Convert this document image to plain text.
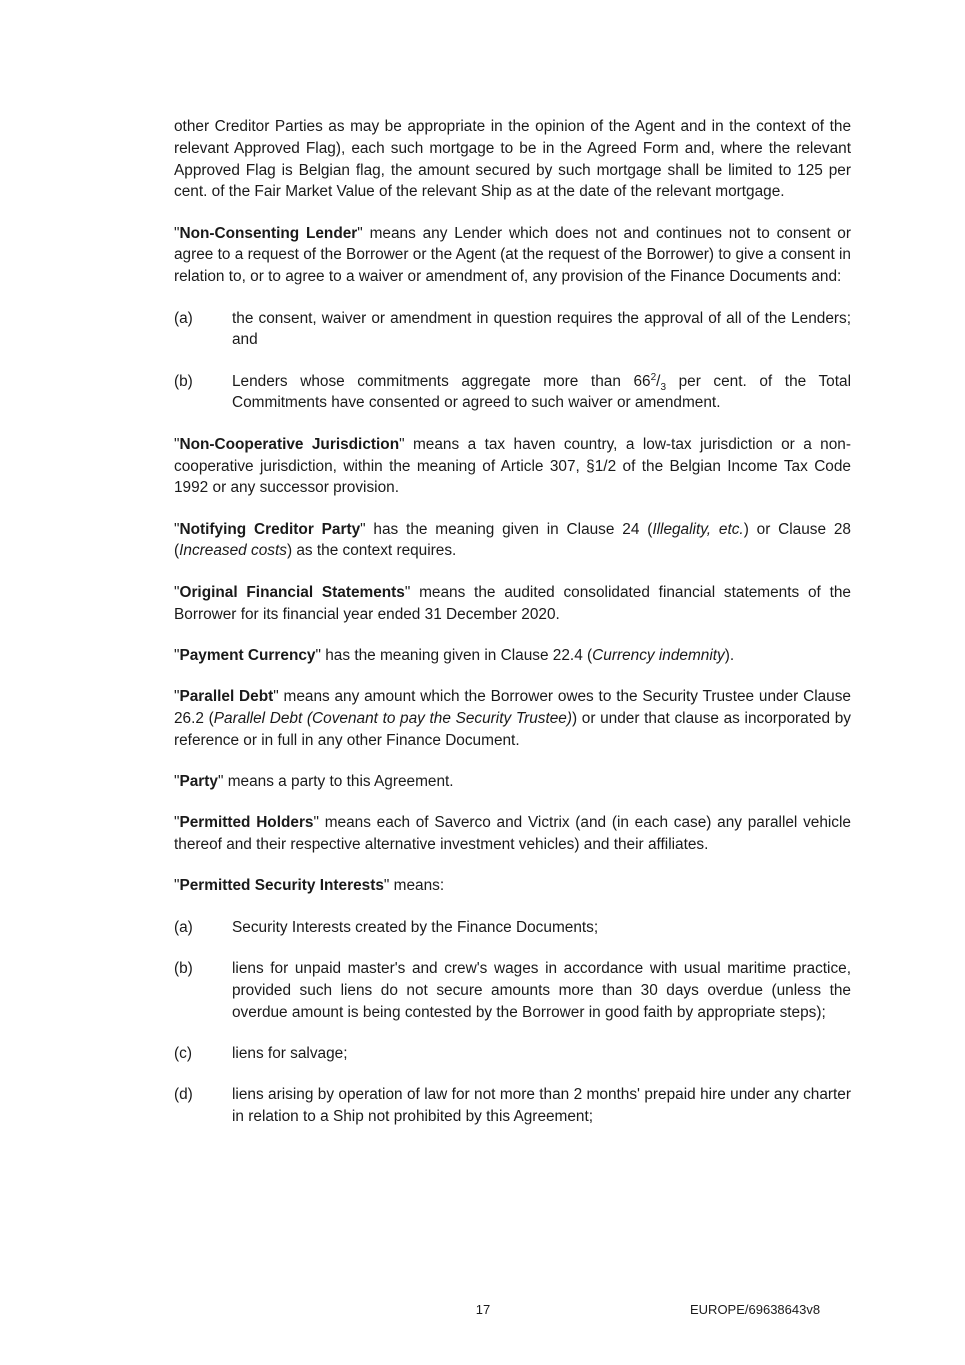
other Creditor Parties as may be appropriate in the opinion of the Agent and in the context of the relevant Approved Flag), each such mortgage to be in the Agreed Form and, where the relevant Approved Flag is Belgian flag, the amount secured by such mortgage shall be limited to 125 per cent. of the Fair Market Value of the relevant Ship as at the date of the relevant mortgage.

"Non-Consenting Lender" means any Lender which does not and continues not to consent or agree to a request of the Borrower or the Agent (at the request of the Borrower) to give a consent in relation to, or to agree to a waiver or amendment of, any provision of the Finance Documents and:

(a)	the consent, waiver or amendment in question requires the approval of all of the Lenders; and
(b)	Lenders whose commitments aggregate more than $66^2/_3$ per cent. of the Total Commitments have consented or agreed to such waiver or amendment.

"Non-Cooperative Jurisdiction" means a tax haven country, a low-tax jurisdiction or a non-cooperative jurisdiction, within the meaning of Article 307, §1/2 of the Belgian Income Tax Code 1992 or any successor provision.

"Notifying Creditor Party" has the meaning given in Clause 24 (Illegality, etc.) or Clause 28 (Increased costs) as the context requires.

"Original Financial Statements" means the audited consolidated financial statements of the Borrower for its financial year ended 31 December 2020.

"Payment Currency" has the meaning given in Clause 22.4 (Currency indemnity).

"Parallel Debt" means any amount which the Borrower owes to the Security Trustee under Clause 26.2 (Parallel Debt (Covenant to pay the Security Trustee)) or under that clause as incorporated by reference or in full in any other Finance Document.

"Party" means a party to this Agreement.

"Permitted Holders" means each of Saverco and Victrix (and (in each case) any parallel vehicle thereof and their respective alternative investment vehicles) and their affiliates.

"Permitted Security Interests" means:

(a)	Security Interests created by the Finance Documents;
(b)	liens for unpaid master's and crew's wages in accordance with usual maritime practice, provided such liens do not secure amounts more than 30 days overdue (unless the overdue amount is being contested by the Borrower in good faith by appropriate steps);
(c)	liens for salvage;
(d)	liens arising by operation of law for not more than 2 months' prepaid hire under any charter in relation to a Ship not prohibited by this Agreement;
17	EUROPE/69638643v8
